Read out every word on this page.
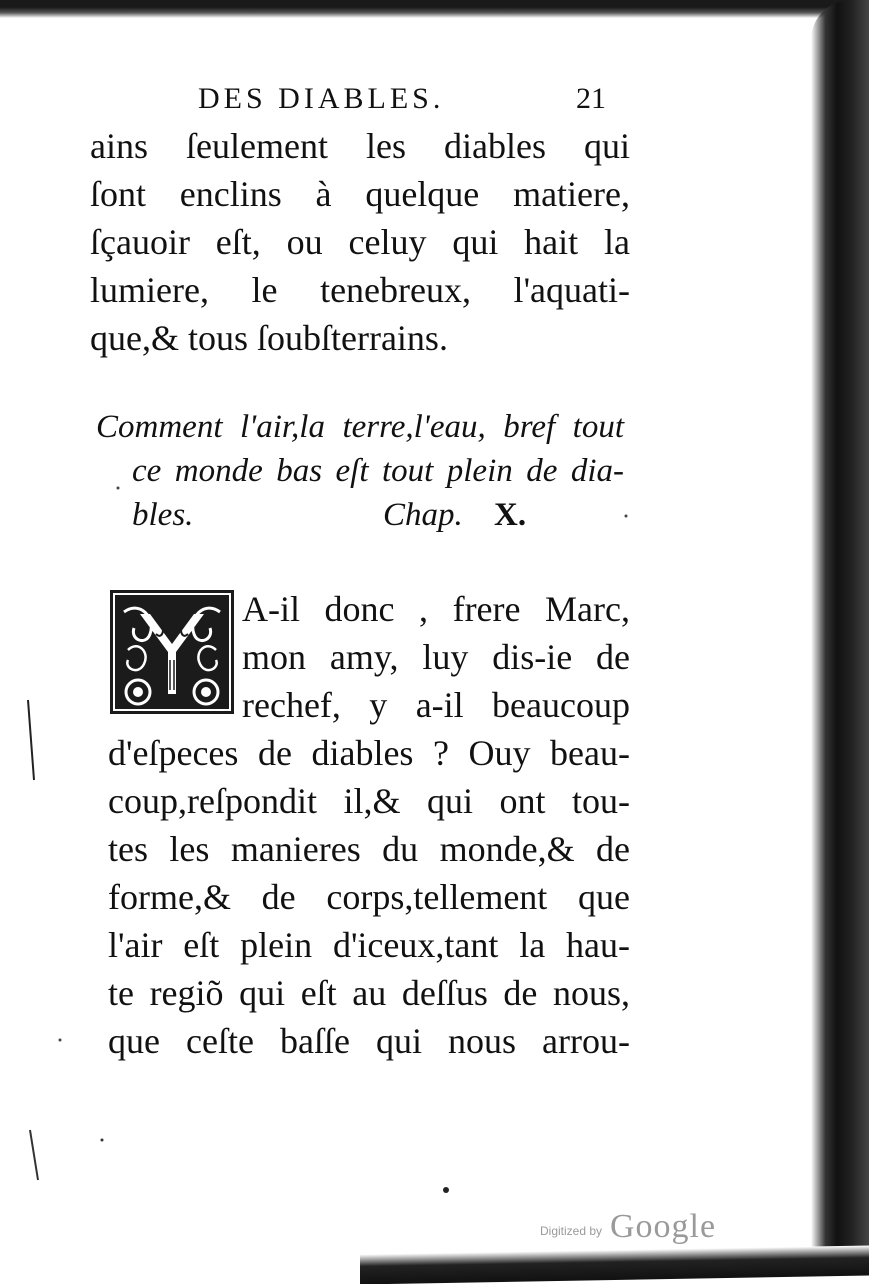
DES DIABLES.	21
ains ſeulement les diables qui
ſont enclins à quelque matiere,
ſçauoir eſt, ou celuy qui hait la
lumiere, le tenebreux, l'aquati-
que,& tous ſoubſterrains.
Comment l'air,la terre,l'eau, bref tout
ce monde bas eſt tout plein de dia-
bles.	Chap. X.
A-il donc , frere Marc,
mon amy, luy dis-ie de
rechef, y a-il beaucoup
d'eſpeces de diables ? Ouy beau-
coup,reſpondit il,& qui ont tou-
tes les manieres du monde,& de
forme,& de corps,tellement que
l'air eſt plein d'iceux,tant la hau-
te regiõ qui eſt au deſſus de nous,
que ceſte baſſe qui nous arrou-
Digitized by Google
